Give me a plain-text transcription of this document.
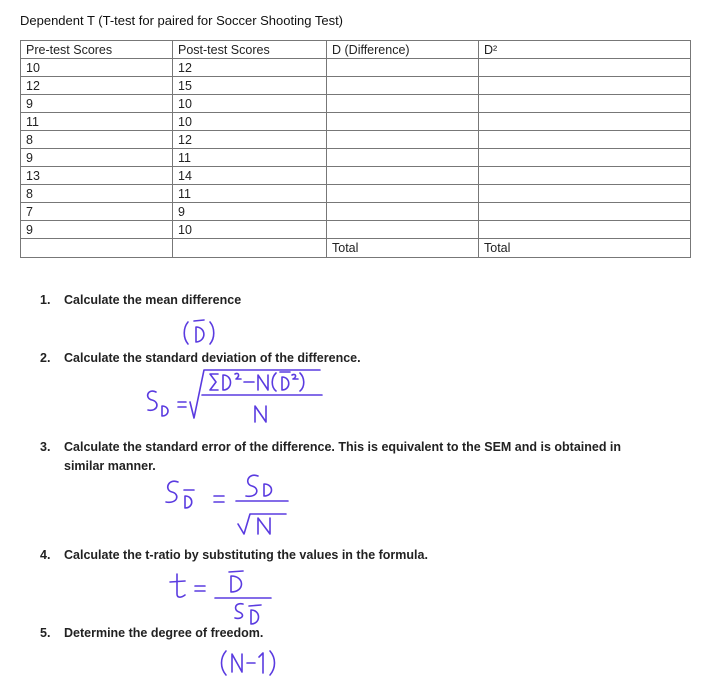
Dependent T (T-test for paired for Soccer Shooting Test)
Pre-test Scores	Post-test Scores	D (Difference)	D²
10	12		
12	15		
9	10		
11	10		
8	12		
9	11		
13	14		
8	11		
7	9		
9	10		
		Total	Total
1.	Calculate the mean difference
2.	Calculate the standard deviation of the difference.
3.	Calculate the standard error of the difference. This is equivalent to the SEM and is obtained in similar manner.
4.	Calculate the t-ratio by substituting the values in the formula.
5.	Determine the degree of freedom.
